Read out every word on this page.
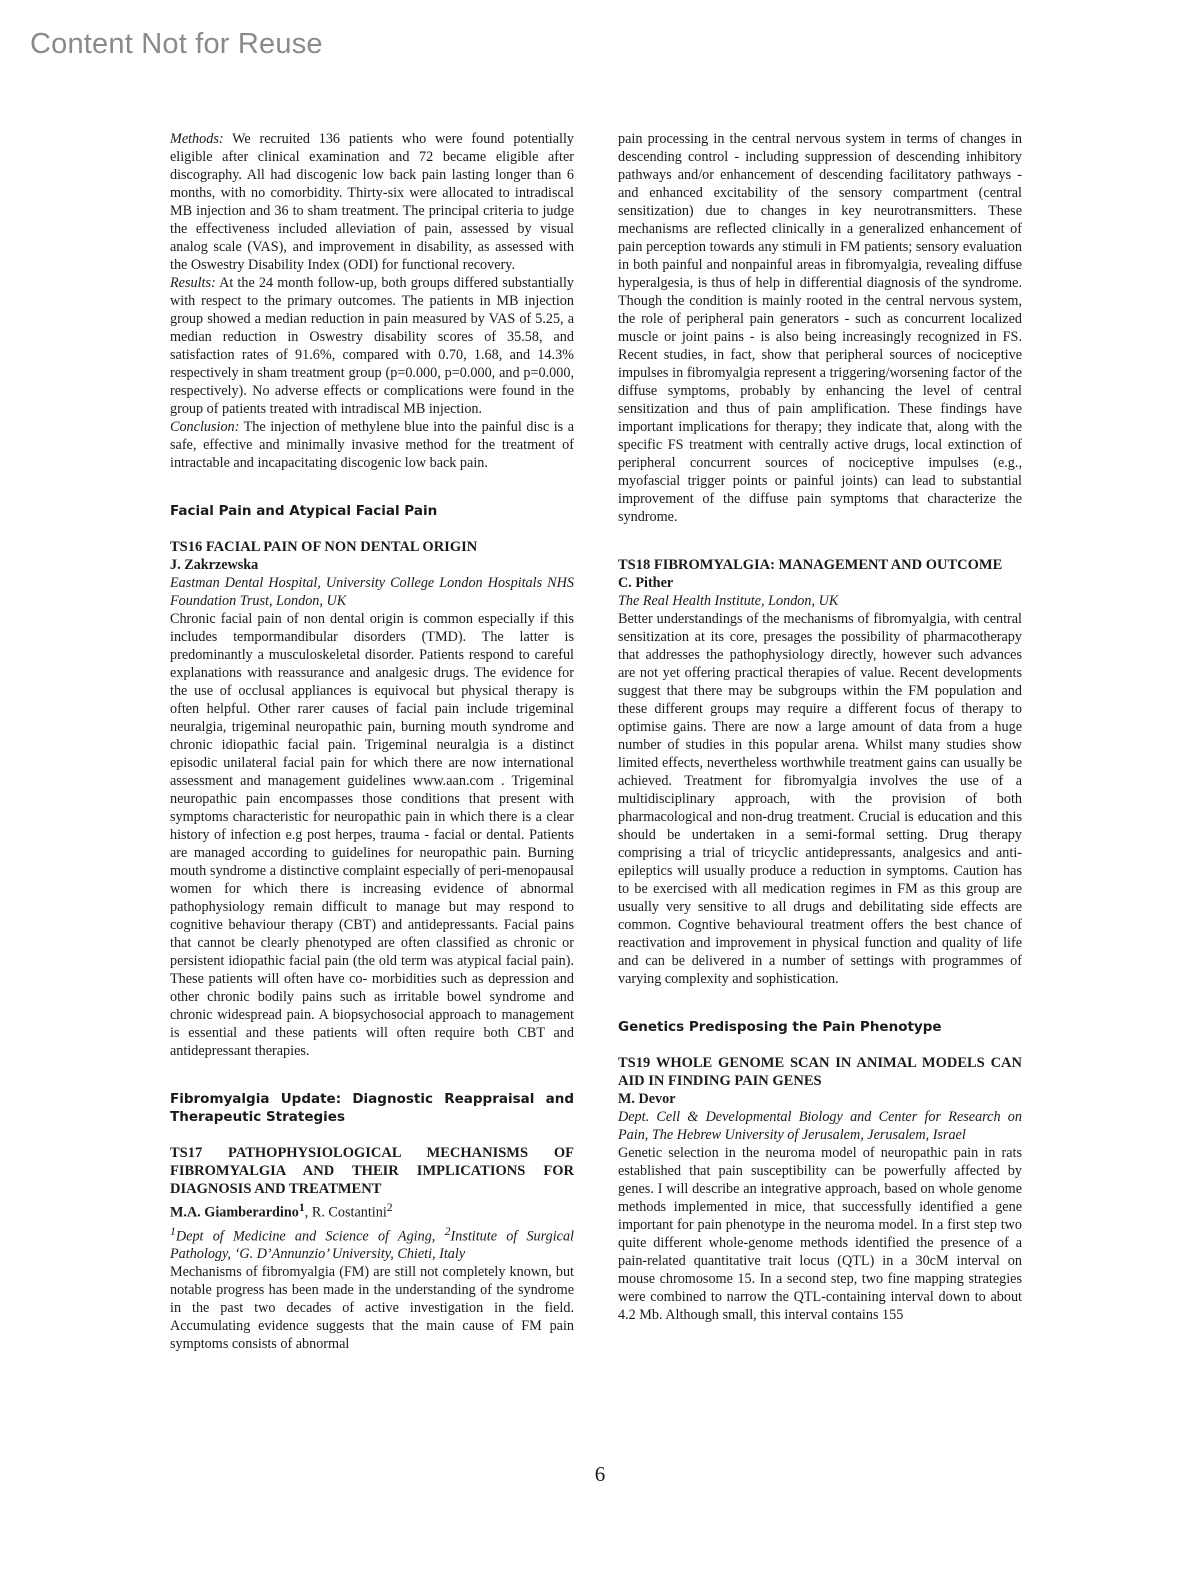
Content Not for Reuse

Methods: We recruited 136 patients who were found potentially eligible after clinical examination and 72 became eligible after discography. All had discogenic low back pain lasting longer than 6 months, with no comorbidity. Thirty-six were allocated to intradiscal MB injection and 36 to sham treatment. The principal criteria to judge the effectiveness included alleviation of pain, assessed by visual analog scale (VAS), and improvement in disability, as assessed with the Oswestry Disability Index (ODI) for functional recovery.

Results: At the 24 month follow-up, both groups differed substantially with respect to the primary outcomes. The patients in MB injection group showed a median reduction in pain measured by VAS of 5.25, a median reduction in Oswestry disability scores of 35.58, and satisfaction rates of 91.6%, compared with 0.70, 1.68, and 14.3% respectively in sham treatment group (p=0.000, p=0.000, and p=0.000, respectively). No adverse effects or complications were found in the group of patients treated with intradiscal MB injection.

Conclusion: The injection of methylene blue into the painful disc is a safe, effective and minimally invasive method for the treatment of intractable and incapacitating discogenic low back pain.

Facial Pain and Atypical Facial Pain

TS16 FACIAL PAIN OF NON DENTAL ORIGIN

J. Zakrzewska

Eastman Dental Hospital, University College London Hospitals NHS Foundation Trust, London, UK

Chronic facial pain of non dental origin is common especially if this includes tempormandibular disorders (TMD). The latter is predominantly a musculoskeletal disorder. Patients respond to careful explanations with reassurance and analgesic drugs. The evidence for the use of occlusal appliances is equivocal but physical therapy is often helpful. Other rarer causes of facial pain include trigeminal neuralgia, trigeminal neuropathic pain, burning mouth syndrome and chronic idiopathic facial pain. Trigeminal neuralgia is a distinct episodic unilateral facial pain for which there are now international assessment and management guidelines www.aan.com . Trigeminal neuropathic pain encompasses those conditions that present with symptoms characteristic for neuropathic pain in which there is a clear history of infection e.g post herpes, trauma - facial or dental. Patients are managed according to guidelines for neuropathic pain. Burning mouth syndrome a distinctive complaint especially of peri-menopausal women for which there is increasing evidence of abnormal pathophysiology remain difficult to manage but may respond to cognitive behaviour therapy (CBT) and antidepressants. Facial pains that cannot be clearly phenotyped are often classified as chronic or persistent idiopathic facial pain (the old term was atypical facial pain). These patients will often have co- morbidities such as depression and other chronic bodily pains such as irritable bowel syndrome and chronic widespread pain. A biopsychosocial approach to management is essential and these patients will often require both CBT and antidepressant therapies.

Fibromyalgia Update: Diagnostic Reappraisal and Therapeutic Strategies

TS17 PATHOPHYSIOLOGICAL MECHANISMS OF FIBROMYALGIA AND THEIR IMPLICATIONS FOR DIAGNOSIS AND TREATMENT

M.A. Giamberardino$^1$, R. Costantini$^2$

$^1$Dept of Medicine and Science of Aging, $^2$Institute of Surgical Pathology, ‘G. D’Annunzio’ University, Chieti, Italy

Mechanisms of fibromyalgia (FM) are still not completely known, but notable progress has been made in the understanding of the syndrome in the past two decades of active investigation in the field. Accumulating evidence suggests that the main cause of FM pain symptoms consists of abnormal

pain processing in the central nervous system in terms of changes in descending control - including suppression of descending inhibitory pathways and/or enhancement of descending facilitatory pathways - and enhanced excitability of the sensory compartment (central sensitization) due to changes in key neurotransmitters. These mechanisms are reflected clinically in a generalized enhancement of pain perception towards any stimuli in FM patients; sensory evaluation in both painful and nonpainful areas in fibromyalgia, revealing diffuse hyperalgesia, is thus of help in differential diagnosis of the syndrome. Though the condition is mainly rooted in the central nervous system, the role of peripheral pain generators - such as concurrent localized muscle or joint pains - is also being increasingly recognized in FS. Recent studies, in fact, show that peripheral sources of nociceptive impulses in fibromyalgia represent a triggering/worsening factor of the diffuse symptoms, probably by enhancing the level of central sensitization and thus of pain amplification. These findings have important implications for therapy; they indicate that, along with the specific FS treatment with centrally active drugs, local extinction of peripheral concurrent sources of nociceptive impulses (e.g., myofascial trigger points or painful joints) can lead to substantial improvement of the diffuse pain symptoms that characterize the syndrome.

TS18 FIBROMYALGIA: MANAGEMENT AND OUTCOME

C. Pither

The Real Health Institute, London, UK

Better understandings of the mechanisms of fibromyalgia, with central sensitization at its core, presages the possibility of pharmacotherapy that addresses the pathophysiology directly, however such advances are not yet offering practical therapies of value. Recent developments suggest that there may be subgroups within the FM population and these different groups may require a different focus of therapy to optimise gains. There are now a large amount of data from a huge number of studies in this popular arena. Whilst many studies show limited effects, nevertheless worthwhile treatment gains can usually be achieved. Treatment for fibromyalgia involves the use of a multidisciplinary approach, with the provision of both pharmacological and non-drug treatment. Crucial is education and this should be undertaken in a semi-formal setting. Drug therapy comprising a trial of tricyclic antidepressants, analgesics and anti-epileptics will usually produce a reduction in symptoms. Caution has to be exercised with all medication regimes in FM as this group are usually very sensitive to all drugs and debilitating side effects are common. Cogntive behavioural treatment offers the best chance of reactivation and improvement in physical function and quality of life and can be delivered in a number of settings with programmes of varying complexity and sophistication.

Genetics Predisposing the Pain Phenotype

TS19 WHOLE GENOME SCAN IN ANIMAL MODELS CAN AID IN FINDING PAIN GENES

M. Devor

Dept. Cell & Developmental Biology and Center for Research on Pain, The Hebrew University of Jerusalem, Jerusalem, Israel

Genetic selection in the neuroma model of neuropathic pain in rats established that pain susceptibility can be powerfully affected by genes. I will describe an integrative approach, based on whole genome methods implemented in mice, that successfully identified a gene important for pain phenotype in the neuroma model. In a first step two quite different whole-genome methods identified the presence of a pain-related quantitative trait locus (QTL) in a 30cM interval on mouse chromosome 15. In a second step, two fine mapping strategies were combined to narrow the QTL-containing interval down to about 4.2 Mb. Although small, this interval contains 155

6
